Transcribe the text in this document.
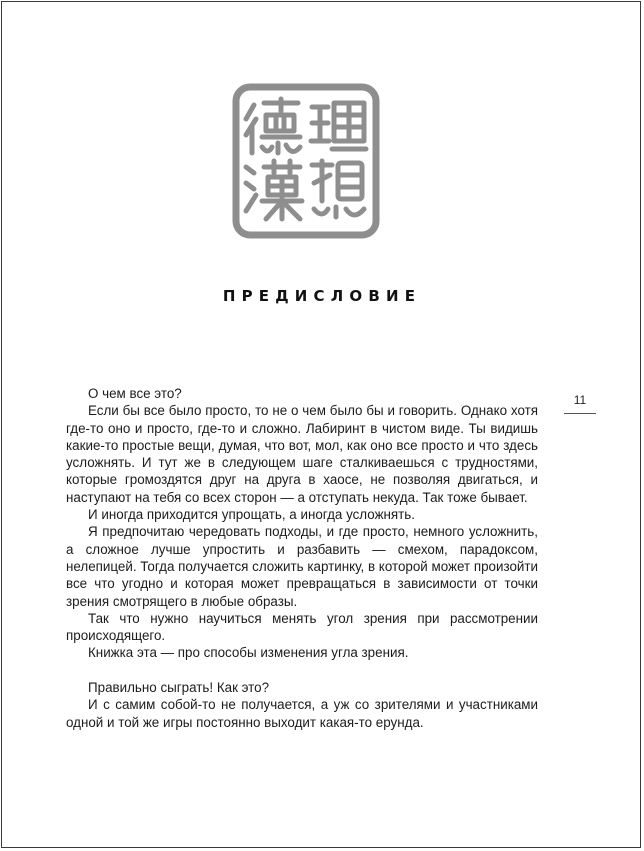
ПРЕДИСЛОВИЕ
11

О чем все это?

Если бы все было просто, то не о чем было бы и говорить. Однако хотя где-то оно и просто, где-то и сложно. Лабиринт в чистом виде. Ты видишь какие-то простые вещи, думая, что вот, мол, как оно все просто и что здесь усложнять. И тут же в следующем шаге сталкиваешься с трудностями, которые громоздятся друг на друга в хаосе, не позволяя двигаться, и наступают на тебя со всех сторон — а отступать некуда. Так тоже бывает.

И иногда приходится упрощать, а иногда усложнять.

Я предпочитаю чередовать подходы, и где просто, немного усложнить, а сложное лучше упростить и разбавить — смехом, парадоксом, нелепицей. Тогда получается сложить картинку, в которой может произойти все что угодно и которая может превращаться в зависимости от точки зрения смотрящего в любые образы.

Так что нужно научиться менять угол зрения при рассмотрении происходящего.

Книжка эта — про способы изменения угла зрения.

Правильно сыграть! Как это?

И с самим собой-то не получается, а уж со зрителями и участниками одной и той же игры постоянно выходит какая-то ерунда.
